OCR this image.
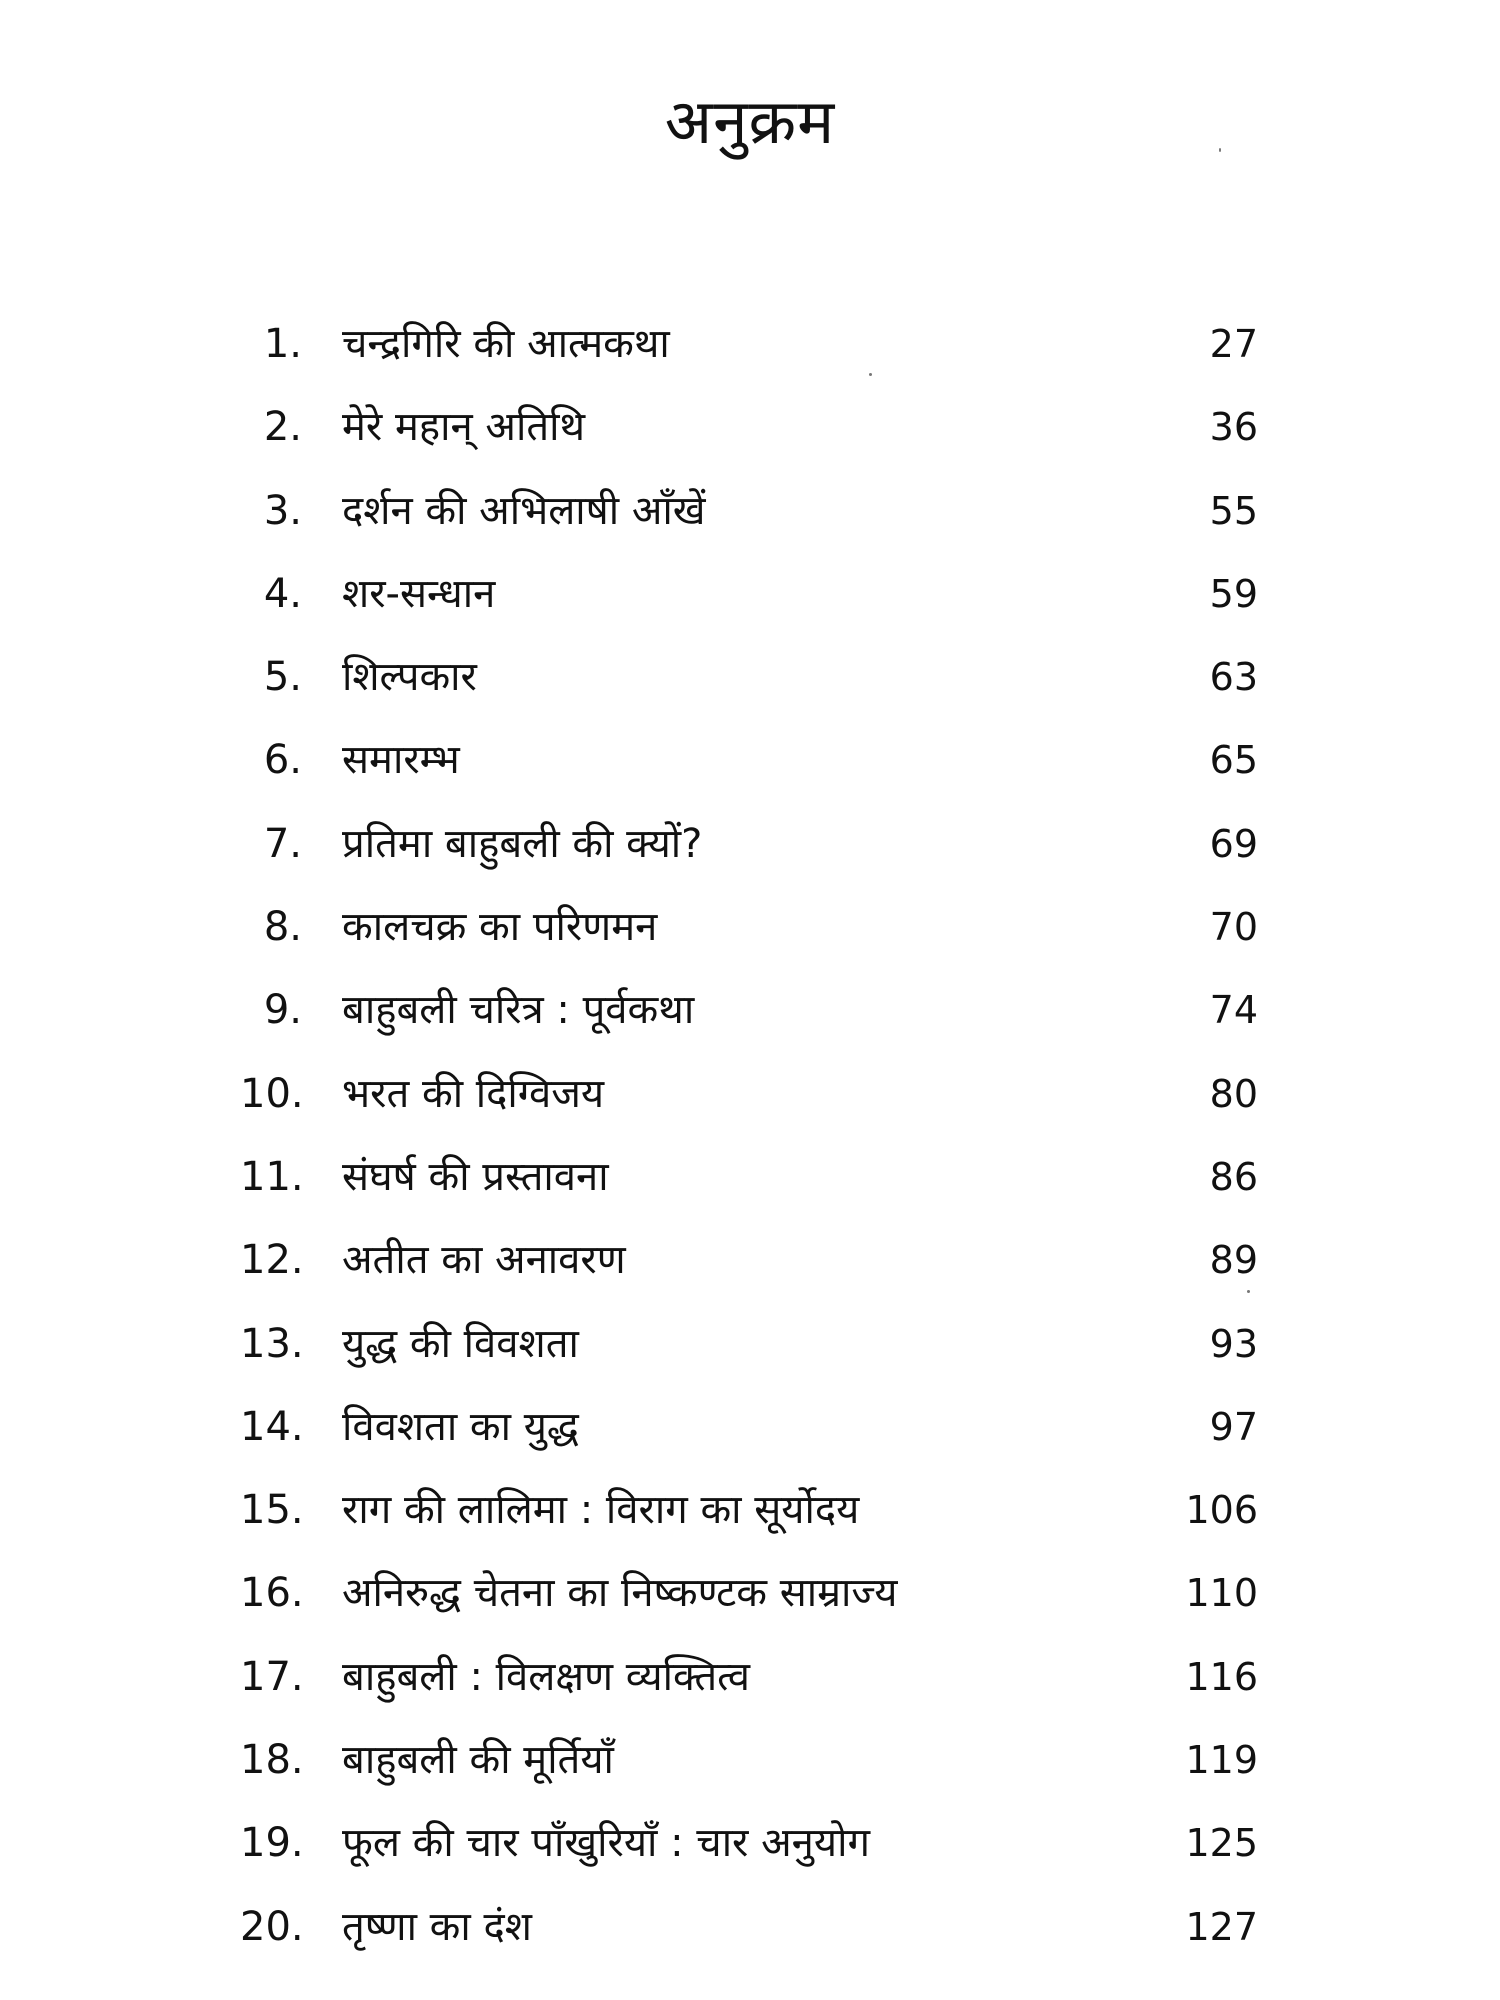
अनुक्रम
1. चन्द्रगिरि की आत्मकथा	27
2. मेरे महान् अतिथि	36
3. दर्शन की अभिलाषी आँखें	55
4. शर-सन्धान	59
5. शिल्पकार	63
6. समारम्भ	65
7. प्रतिमा बाहुबली की क्यों?	69
8. कालचक्र का परिणमन	70
9. बाहुबली चरित्र : पूर्वकथा	74
10. भरत की दिग्विजय	80
11. संघर्ष की प्रस्तावना	86
12. अतीत का अनावरण	89
13. युद्ध की विवशता	93
14. विवशता का युद्ध	97
15. राग की लालिमा : विराग का सूर्योदय	106
16. अनिरुद्ध चेतना का निष्कण्टक साम्राज्य	110
17. बाहुबली : विलक्षण व्यक्तित्व	116
18. बाहुबली की मूर्तियाँ	119
19. फूल की चार पाँखुरियाँ : चार अनुयोग	125
20. तृष्णा का दंश	127
